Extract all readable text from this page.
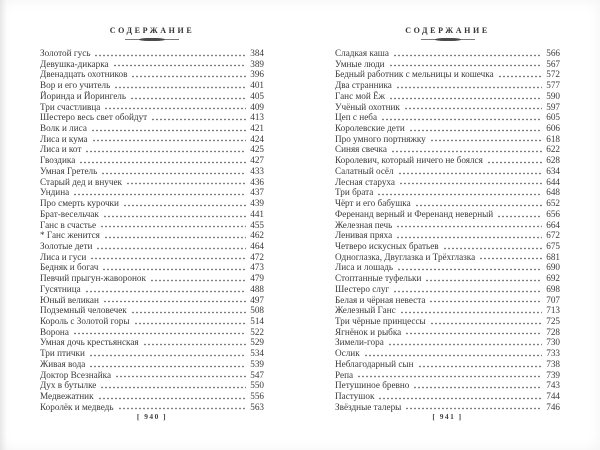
СОДЕРЖАНИЕ
Золотой гусь	384
Девушка-дикарка	389
Двенадцать охотников	396
Вор и его учитель	401
Йоринда и Йорингель	405
Три счастливца	409
Шестеро весь свет обойдут	413
Волк и лиса	421
Лиса и кума	424
Лиса и кот	425
Гвоздика	427
Умная Гретель	433
Старый дед и внучек	436
Ундина	437
Про смерть курочки	439
Брат-весельчак	441
Ганс в счастье	455
* Ганс женится	462
Золотые дети	464
Лиса и гуси	472
Бедняк и богач	473
Певчий прыгун-жаворонок	479
Гусятница	488
Юный великан	497
Подземный человечек	508
Король с Золотой горы	514
Ворона	522
Умная дочь крестьянская	529
Три птички	534
Живая вода	539
Доктор Всезнайка	547
Дух в бутылке	550
Медвежатник	556
Королёк и медведь	563
[ 940 ]
СОДЕРЖАНИЕ
Сладкая каша	566
Умные люди	567
Бедный работник с мельницы и кошечка	572
Два странника	577
Ганс мой Ёж	590
Учёный охотник	597
Цеп с неба	605
Королевские дети	606
Про умного портняжку	618
Синяя свечка	622
Королевич, который ничего не боялся	628
Салатный осёл	634
Лесная старуха	644
Три брата	648
Чёрт и его бабушка	652
Ференанд верный и Ференанд неверный	656
Железная печь	664
Ленивая пряха	672
Четверо искусных братьев	675
Одноглазка, Двуглазка и Трёхглазка	681
Лиса и лошадь	690
Стоптанные туфельки	692
Шестеро слуг	698
Белая и чёрная невеста	707
Железный Ганс	713
Три чёрные принцессы	725
Ягнёнок и рыбка	728
Зимели-гора	730
Ослик	733
Неблагодарный сын	738
Репа	739
Петушиное бревно	743
Пастушок	744
Звёздные талеры	746
[ 941 ]
